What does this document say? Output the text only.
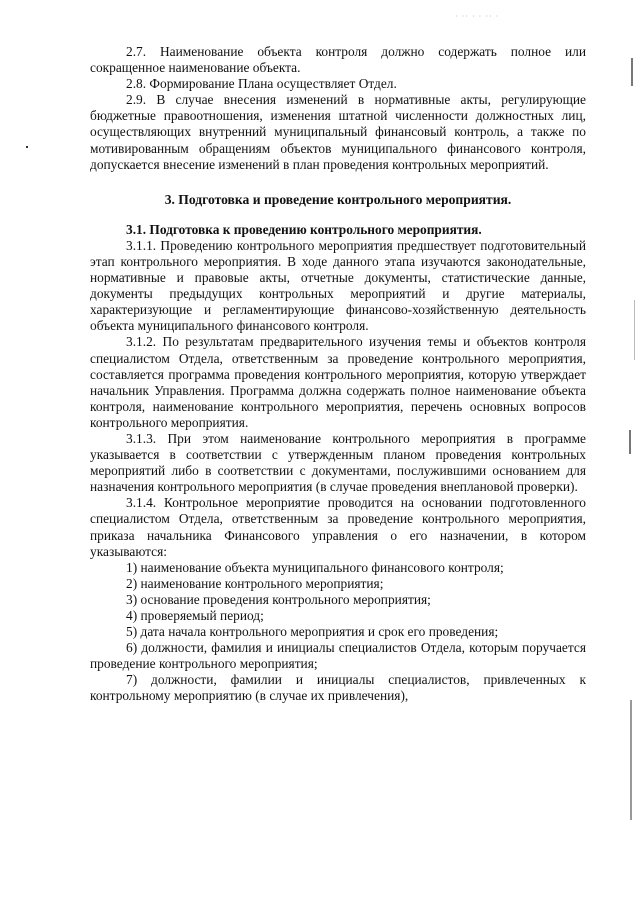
· ·· · · ·· ·

2.7. Наименование объекта контроля должно содержать полное или сокращенное наименование объекта.

2.8. Формирование Плана осуществляет Отдел.

2.9. В случае внесения изменений в нормативные акты, регулирующие бюджетные правоотношения, изменения штатной численности должностных лиц, осуществляющих внутренний муниципальный финансовый контроль, а также по мотивированным обращениям объектов муниципального финансового контроля, допускается внесение изменений в план проведения контрольных мероприятий.

3. Подготовка и проведение контрольного мероприятия.

3.1. Подготовка к проведению контрольного мероприятия.

3.1.1. Проведению контрольного мероприятия предшествует подготовительный этап контрольного мероприятия. В ходе данного этапа изучаются законодательные, нормативные и правовые акты, отчетные документы, статистические данные, документы предыдущих контрольных мероприятий и другие материалы, характеризующие и регламентирующие финансово-хозяйственную деятельность объекта муниципального финансового контроля.

3.1.2. По результатам предварительного изучения темы и объектов контроля специалистом Отдела, ответственным за проведение контрольного мероприятия, составляется программа проведения контрольного мероприятия, которую утверждает начальник Управления. Программа должна содержать полное наименование объекта контроля, наименование контрольного мероприятия, перечень основных вопросов контрольного мероприятия.

3.1.3. При этом наименование контрольного мероприятия в программе указывается в соответствии с утвержденным планом проведения контрольных мероприятий либо в соответствии с документами, послужившими основанием для назначения контрольного мероприятия (в случае проведения внеплановой проверки).

3.1.4. Контрольное мероприятие проводится на основании подготовленного специалистом Отдела, ответственным за проведение контрольного мероприятия, приказа начальника Финансового управления о его назначении, в котором указываются:

1) наименование объекта муниципального финансового контроля;

2) наименование контрольного мероприятия;

3) основание проведения контрольного мероприятия;

4) проверяемый период;

5) дата начала контрольного мероприятия и срок его проведения;

6) должности, фамилия и инициалы специалистов Отдела, которым поручается проведение контрольного мероприятия;

7) должности, фамилии и инициалы специалистов, привлеченных к контрольному мероприятию (в случае их привлечения),
